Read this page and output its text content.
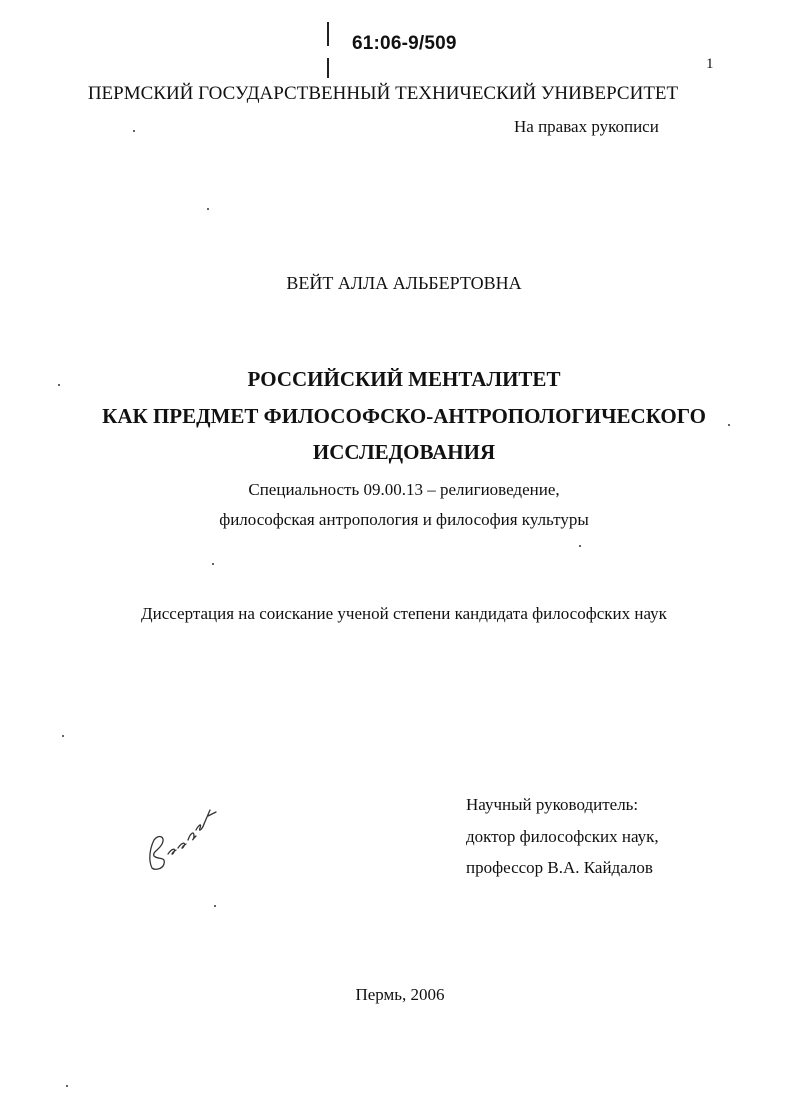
61:06-9/509
1
ПЕРМСКИЙ ГОСУДАРСТВЕННЫЙ ТЕХНИЧЕСКИЙ УНИВЕРСИТЕТ
На правах рукописи
ВЕЙТ АЛЛА АЛЬБЕРТОВНА
РОССИЙСКИЙ МЕНТАЛИТЕТ
КАК ПРЕДМЕТ ФИЛОСОФСКО-АНТРОПОЛОГИЧЕСКОГО
ИССЛЕДОВАНИЯ
Специальность 09.00.13 – религиоведение,
философская антропология и философия культуры
Диссертация на соискание ученой степени кандидата философских наук
Научный руководитель:
доктор философских наук,
профессор В.А. Кайдалов
Пермь, 2006
